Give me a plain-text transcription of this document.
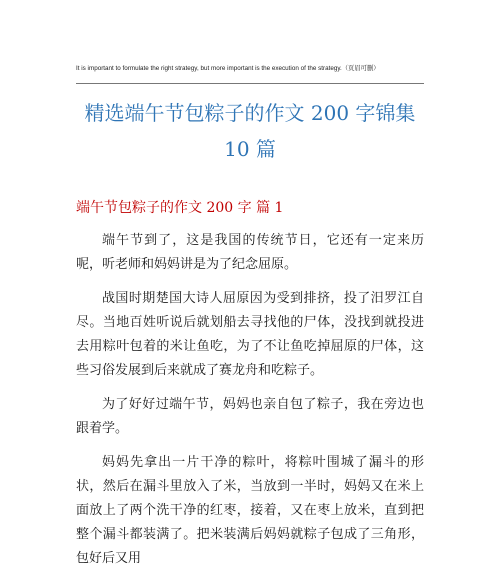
It is important to formulate the right strategy, but more important is the execution of the strategy.（页眉可删）
精选端午节包粽子的作文 200 字锦集 10 篇
端午节包粽子的作文 200 字 篇 1

端午节到了，这是我国的传统节日，它还有一定来历呢，听老师和妈妈讲是为了纪念屈原。

战国时期楚国大诗人屈原因为受到排挤，投了汨罗江自尽。当地百姓听说后就划船去寻找他的尸体，没找到就投进去用粽叶包着的米让鱼吃，为了不让鱼吃掉屈原的尸体，这些习俗发展到后来就成了赛龙舟和吃粽子。

为了好好过端午节，妈妈也亲自包了粽子，我在旁边也跟着学。

妈妈先拿出一片干净的粽叶，将粽叶围城了漏斗的形状，然后在漏斗里放入了米，当放到一半时，妈妈又在米上面放上了两个洗干净的红枣，接着，又在枣上放米，直到把整个漏斗都装满了。把米装满后妈妈就粽子包成了三角形，包好后又用
